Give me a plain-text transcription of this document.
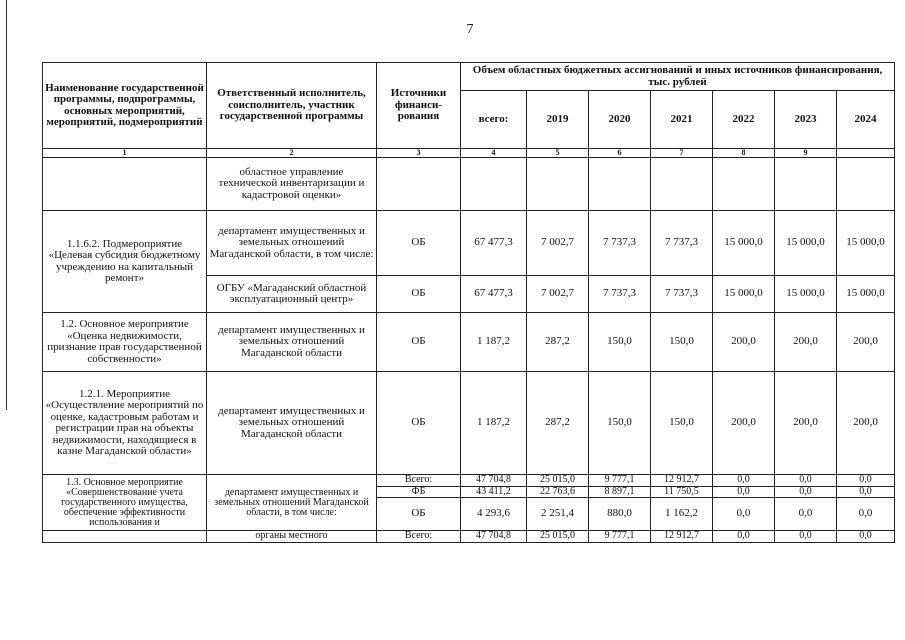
7
Наименование государственной программы, подпрограммы, основных мероприятий, мероприятий, подмероприятий	Ответственный исполнитель, соисполнитель, участник государственной программы	Источники финанси-рования	Объем областных бюджетных ассигнований и иных источников финансирования, тыс. рублей						
			всего:	2019	2020	2021	2022	2023	2024
1	2	3	4	5	6	7	8	9	
	областное управление технической инвентаризации и кадастровой оценки»								
1.1.6.2. Подмероприятие «Целевая субсидия бюджетному учреждению на капитальный ремонт»	департамент имущественных и земельных отношений Магаданской области, в том числе:	ОБ	67 477,3	7 002,7	7 737,3	7 737,3	15 000,0	15 000,0	15 000,0
	ОГБУ «Магаданский областной эксплуатационный центр»	ОБ	67 477,3	7 002,7	7 737,3	7 737,3	15 000,0	15 000,0	15 000,0
1.2. Основное мероприятие «Оценка недвижимости, признание прав государственной собственности»	департамент имущественных и земельных отношений Магаданской области	ОБ	1 187,2	287,2	150,0	150,0	200,0	200,0	200,0
1.2.1. Мероприятие «Осуществление мероприятий по оценке, кадастровым работам и регистрации прав на объекты недвижимости, находящиеся в казне Магаданской области»	департамент имущественных и земельных отношений Магаданской области	ОБ	1 187,2	287,2	150,0	150,0	200,0	200,0	200,0
1.3. Основное мероприятие «Совершенствование учета государственного имущества, обеспечение эффективности использования и	департамент имущественных и земельных отношений Магаданской области, в том числе:	Всего:	47 704,8	25 015,0	9 777,1	12 912,7	0,0	0,0	0,0
		ФБ	43 411,2	22 763,6	8 897,1	11 750,5	0,0	0,0	0,0
		ОБ	4 293,6	2 251,4	880,0	1 162,2	0,0	0,0	0,0
	органы местного	Всего:	47 704,8	25 015,0	9 777,1	12 912,7	0,0	0,0	0,0
